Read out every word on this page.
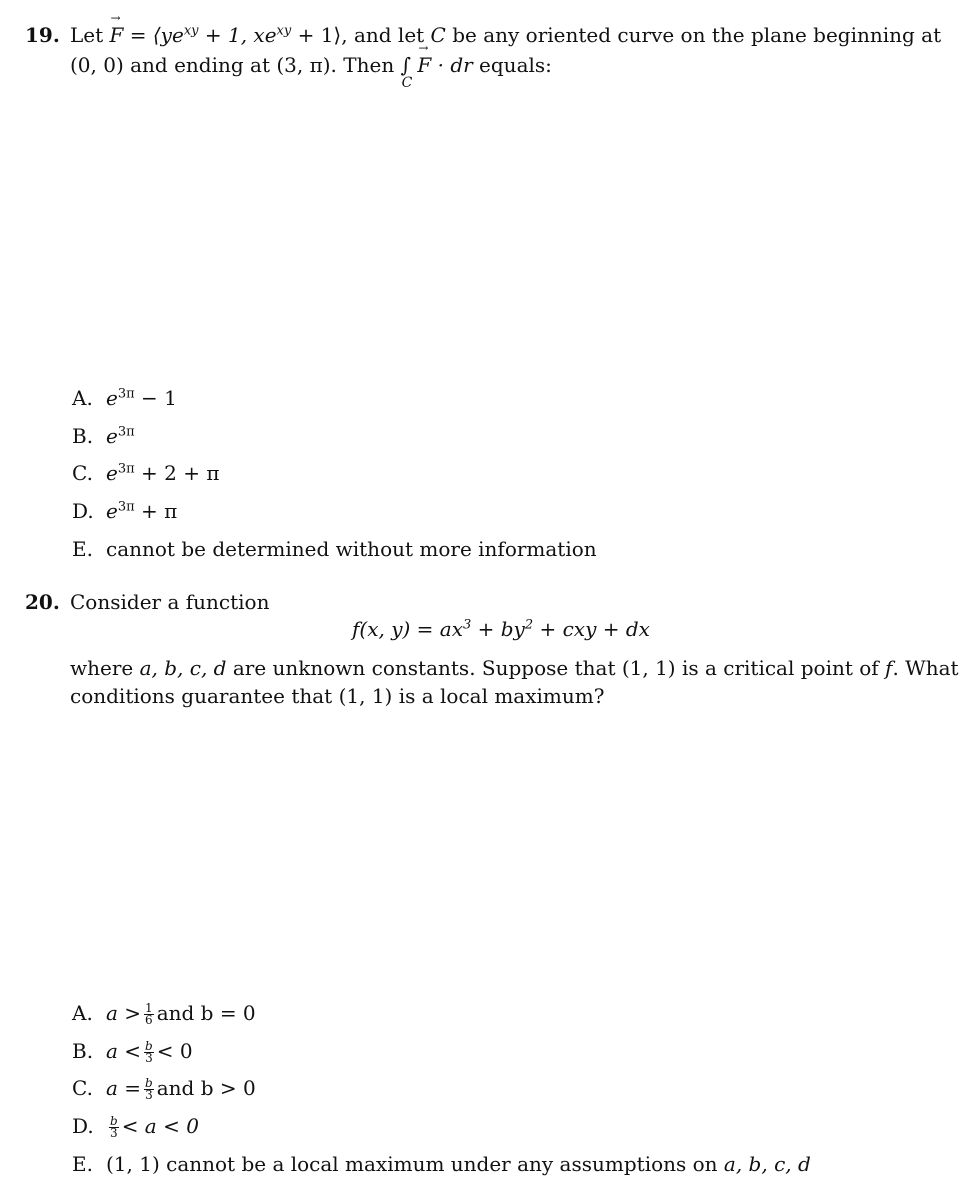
19. Let → $F = ⟨ye^{xy} + 1$, $xe^{xy}$ + 1⟩, and let C be any oriented curve on the plane beginning at
(0, 0) and ending at (3, π). Then ∫
C
→ F · dr equals:
A. $e^{3\pi} - 1$
B. $e^{3\pi}$
C. $e^{3\pi} + 2 + \pi$
D. $e^{3\pi} + \pi$
E. cannot be determined without more information
20. Consider a function
f(x, $y) = ax^3 + by^2$ + cxy + dx
where a, b, c, d are unknown constants. Suppose that (1, 1) is a critical point of f. What
conditions guarantee that (1, 1) is a local maximum?
A. $a > \frac{1}{6}$ and b = 0
B. $a < \frac{b}{3} < 0$
C. $a = \frac{b}{3}$ and b > 0
D. $\frac{b}{3} < a < 0$
E. (1, 1) cannot be a local maximum under any assumptions on a, b, c, d
